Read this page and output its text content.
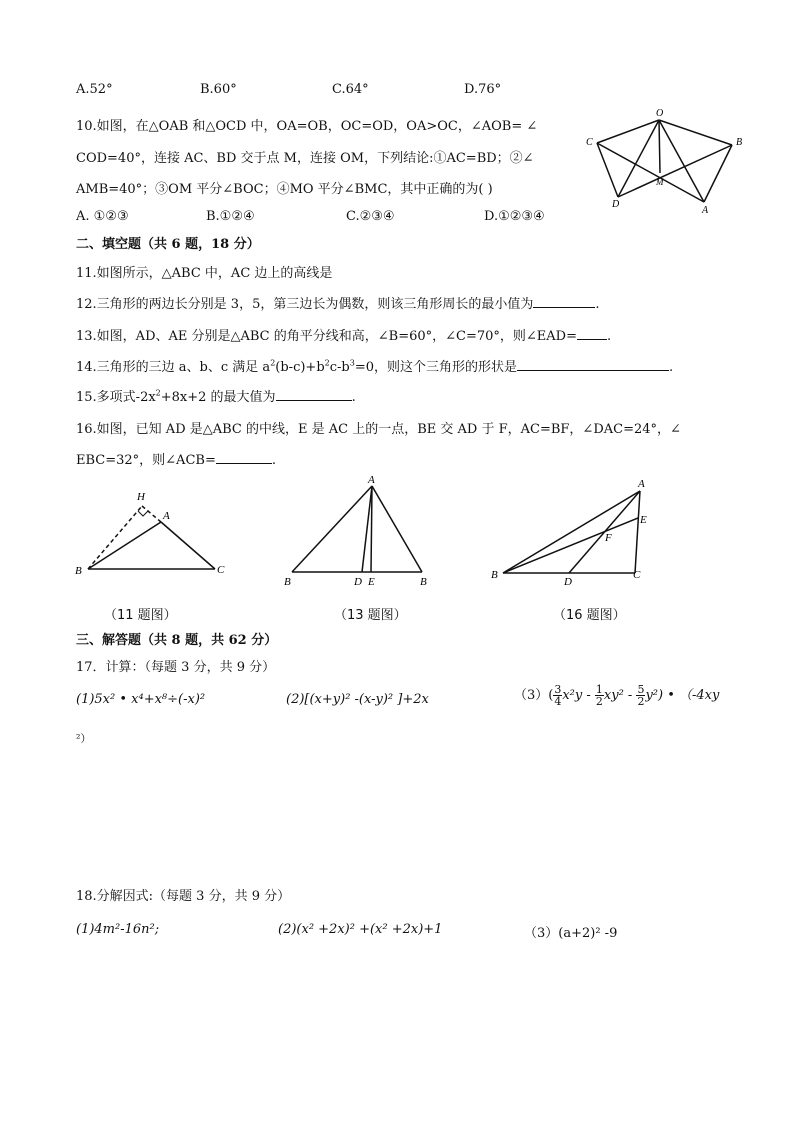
A.52°	B.60°	C.64°	D.76°
10.如图，在△OAB 和△OCD 中，OA=OB，OC=OD，OA>OC，∠AOB= ∠
COD=40°，连接 AC、BD 交于点 M，连接 OM，下列结论:①AC=BD；②∠
AMB=40°；③OM 平分∠BOC；④MO 平分∠BMC，其中正确的为( )
A. ①②③	B.①②④	C.②③④	D.①②③④
O
C	B
M
D
A
二、填空题（共 6 题，18 分）
11.如图所示，△ABC 中，AC 边上的高线是
12.三角形的两边长分别是 3，5，第三边长为偶数，则该三角形周长的最小值为	.
13.如图，AD、AE 分别是△ABC 的角平分线和高，∠B=60°，∠C=70°，则∠EAD= .
14.三角形的三边 a、b、c 满足 $a^2(b-c)+b^2c-b^3=0$，则这个三角形的形状是	.
15.多项式$-2x^2+8x+2$ 的最大值为	.
16.如图，已知 AD 是△ABC 的中线，E 是 AC 上的一点，BE 交 AD 于 F，AC=BF，∠DAC=24°，∠
EBC=32°，则∠ACB=	.
H
A
B	C
A
B	D E	B
A
E
F
B
D
C
（11 题图）	（13 题图）	（16 题图）
三、解答题（共 8 题，共 62 分）
17．计算：（每题 3 分，共 9 分）
(1)5x² • x⁴+x⁸÷(-x)²	(2)[(x+y)² -(x-y)² ]+2x	$(3)( \frac{3}{4} x^2y - \frac{1}{2} xy^2 - \frac{5}{2} y^2)$ • （-4xy
²）
18.分解因式:（每题 3 分，共 9 分）
(1)4m²-16n²;	(2)(x² +2x)² +(x² +2x)+1	（3）(a+2)² -9
